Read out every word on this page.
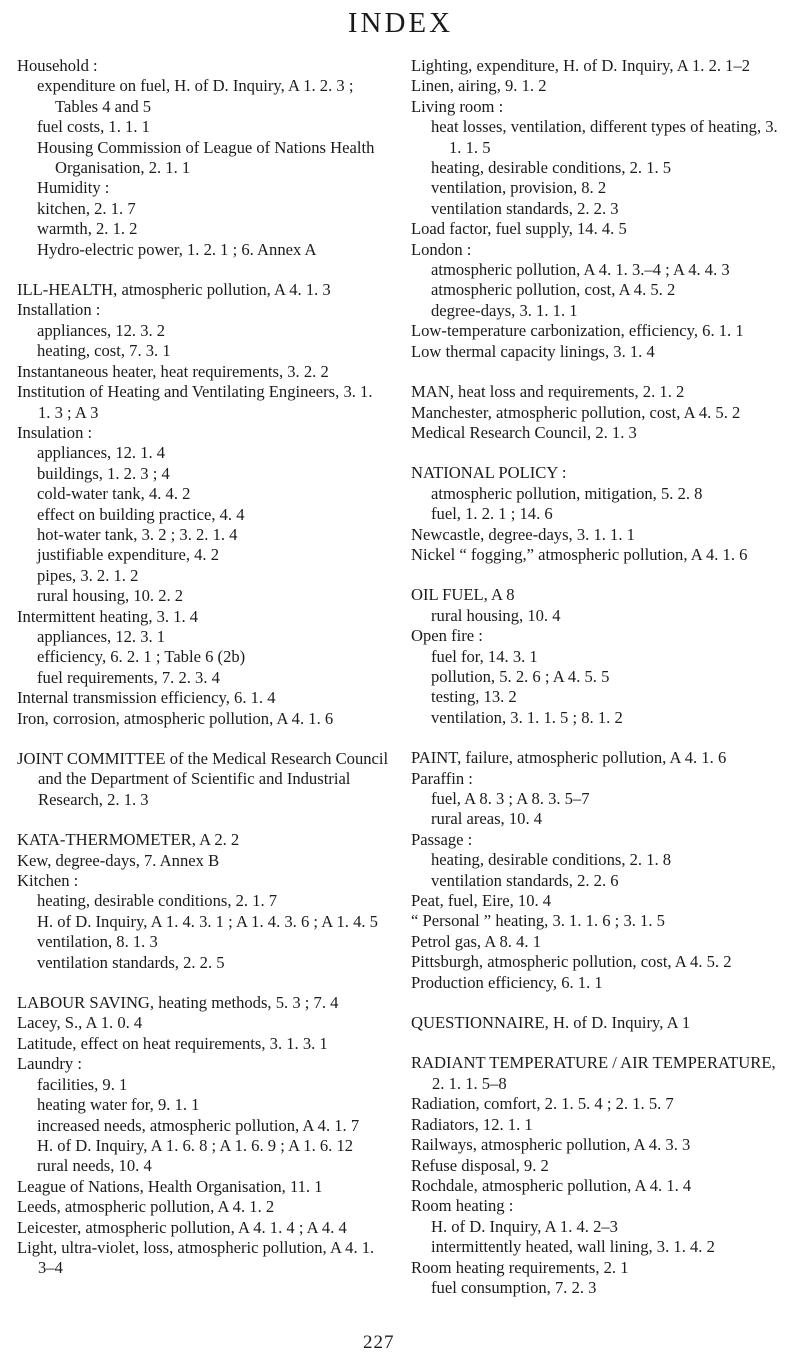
INDEX
Household :
expenditure on fuel, H. of D. Inquiry, A 1. 2. 3 ; Tables 4 and 5
fuel costs, 1. 1. 1
Housing Commission of League of Nations Health Organisation, 2. 1. 1
Humidity :
kitchen, 2. 1. 7
warmth, 2. 1. 2
Hydro-electric power, 1. 2. 1 ; 6. Annex A
ILL-HEALTH, atmospheric pollution, A 4. 1. 3
Installation :
appliances, 12. 3. 2
heating, cost, 7. 3. 1
Instantaneous heater, heat requirements, 3. 2. 2
Institution of Heating and Ventilating Engineers, 3. 1. 1. 3 ; A 3
Insulation :
appliances, 12. 1. 4
buildings, 1. 2. 3 ; 4
cold-water tank, 4. 4. 2
effect on building practice, 4. 4
hot-water tank, 3. 2 ; 3. 2. 1. 4
justifiable expenditure, 4. 2
pipes, 3. 2. 1. 2
rural housing, 10. 2. 2
Intermittent heating, 3. 1. 4
appliances, 12. 3. 1
efficiency, 6. 2. 1 ; Table 6 (2b)
fuel requirements, 7. 2. 3. 4
Internal transmission efficiency, 6. 1. 4
Iron, corrosion, atmospheric pollution, A 4. 1. 6
JOINT COMMITTEE of the Medical Research Council and the Department of Scientific and Industrial Research, 2. 1. 3
KATA-THERMOMETER, A 2. 2
Kew, degree-days, 7. Annex B
Kitchen :
heating, desirable conditions, 2. 1. 7
H. of D. Inquiry, A 1. 4. 3. 1 ; A 1. 4. 3. 6 ; A 1. 4. 5
ventilation, 8. 1. 3
ventilation standards, 2. 2. 5
LABOUR SAVING, heating methods, 5. 3 ; 7. 4
Lacey, S., A 1. 0. 4
Latitude, effect on heat requirements, 3. 1. 3. 1
Laundry :
facilities, 9. 1
heating water for, 9. 1. 1
increased needs, atmospheric pollution, A 4. 1. 7
H. of D. Inquiry, A 1. 6. 8 ; A 1. 6. 9 ; A 1. 6. 12
rural needs, 10. 4
League of Nations, Health Organisation, 11. 1
Leeds, atmospheric pollution, A 4. 1. 2
Leicester, atmospheric pollution, A 4. 1. 4 ; A 4. 4
Light, ultra-violet, loss, atmospheric pollution, A 4. 1. 3–4
Lighting, expenditure, H. of D. Inquiry, A 1. 2. 1–2
Linen, airing, 9. 1. 2
Living room :
heat losses, ventilation, different types of heating, 3. 1. 1. 5
heating, desirable conditions, 2. 1. 5
ventilation, provision, 8. 2
ventilation standards, 2. 2. 3
Load factor, fuel supply, 14. 4. 5
London :
atmospheric pollution, A 4. 1. 3.–4 ; A 4. 4. 3
atmospheric pollution, cost, A 4. 5. 2
degree-days, 3. 1. 1. 1
Low-temperature carbonization, efficiency, 6. 1. 1
Low thermal capacity linings, 3. 1. 4
MAN, heat loss and requirements, 2. 1. 2
Manchester, atmospheric pollution, cost, A 4. 5. 2
Medical Research Council, 2. 1. 3
NATIONAL POLICY :
atmospheric pollution, mitigation, 5. 2. 8
fuel, 1. 2. 1 ; 14. 6
Newcastle, degree-days, 3. 1. 1. 1
Nickel “ fogging,” atmospheric pollution, A 4. 1. 6
OIL FUEL, A 8
rural housing, 10. 4
Open fire :
fuel for, 14. 3. 1
pollution, 5. 2. 6 ; A 4. 5. 5
testing, 13. 2
ventilation, 3. 1. 1. 5 ; 8. 1. 2
PAINT, failure, atmospheric pollution, A 4. 1. 6
Paraffin :
fuel, A 8. 3 ; A 8. 3. 5–7
rural areas, 10. 4
Passage :
heating, desirable conditions, 2. 1. 8
ventilation standards, 2. 2. 6
Peat, fuel, Eire, 10. 4
“ Personal ” heating, 3. 1. 1. 6 ; 3. 1. 5
Petrol gas, A 8. 4. 1
Pittsburgh, atmospheric pollution, cost, A 4. 5. 2
Production efficiency, 6. 1. 1
QUESTIONNAIRE, H. of D. Inquiry, A 1
RADIANT TEMPERATURE / AIR TEMPERATURE, 2. 1. 1. 5–8
Radiation, comfort, 2. 1. 5. 4 ; 2. 1. 5. 7
Radiators, 12. 1. 1
Railways, atmospheric pollution, A 4. 3. 3
Refuse disposal, 9. 2
Rochdale, atmospheric pollution, A 4. 1. 4
Room heating :
H. of D. Inquiry, A 1. 4. 2–3
intermittently heated, wall lining, 3. 1. 4. 2
Room heating requirements, 2. 1
fuel consumption, 7. 2. 3
227
